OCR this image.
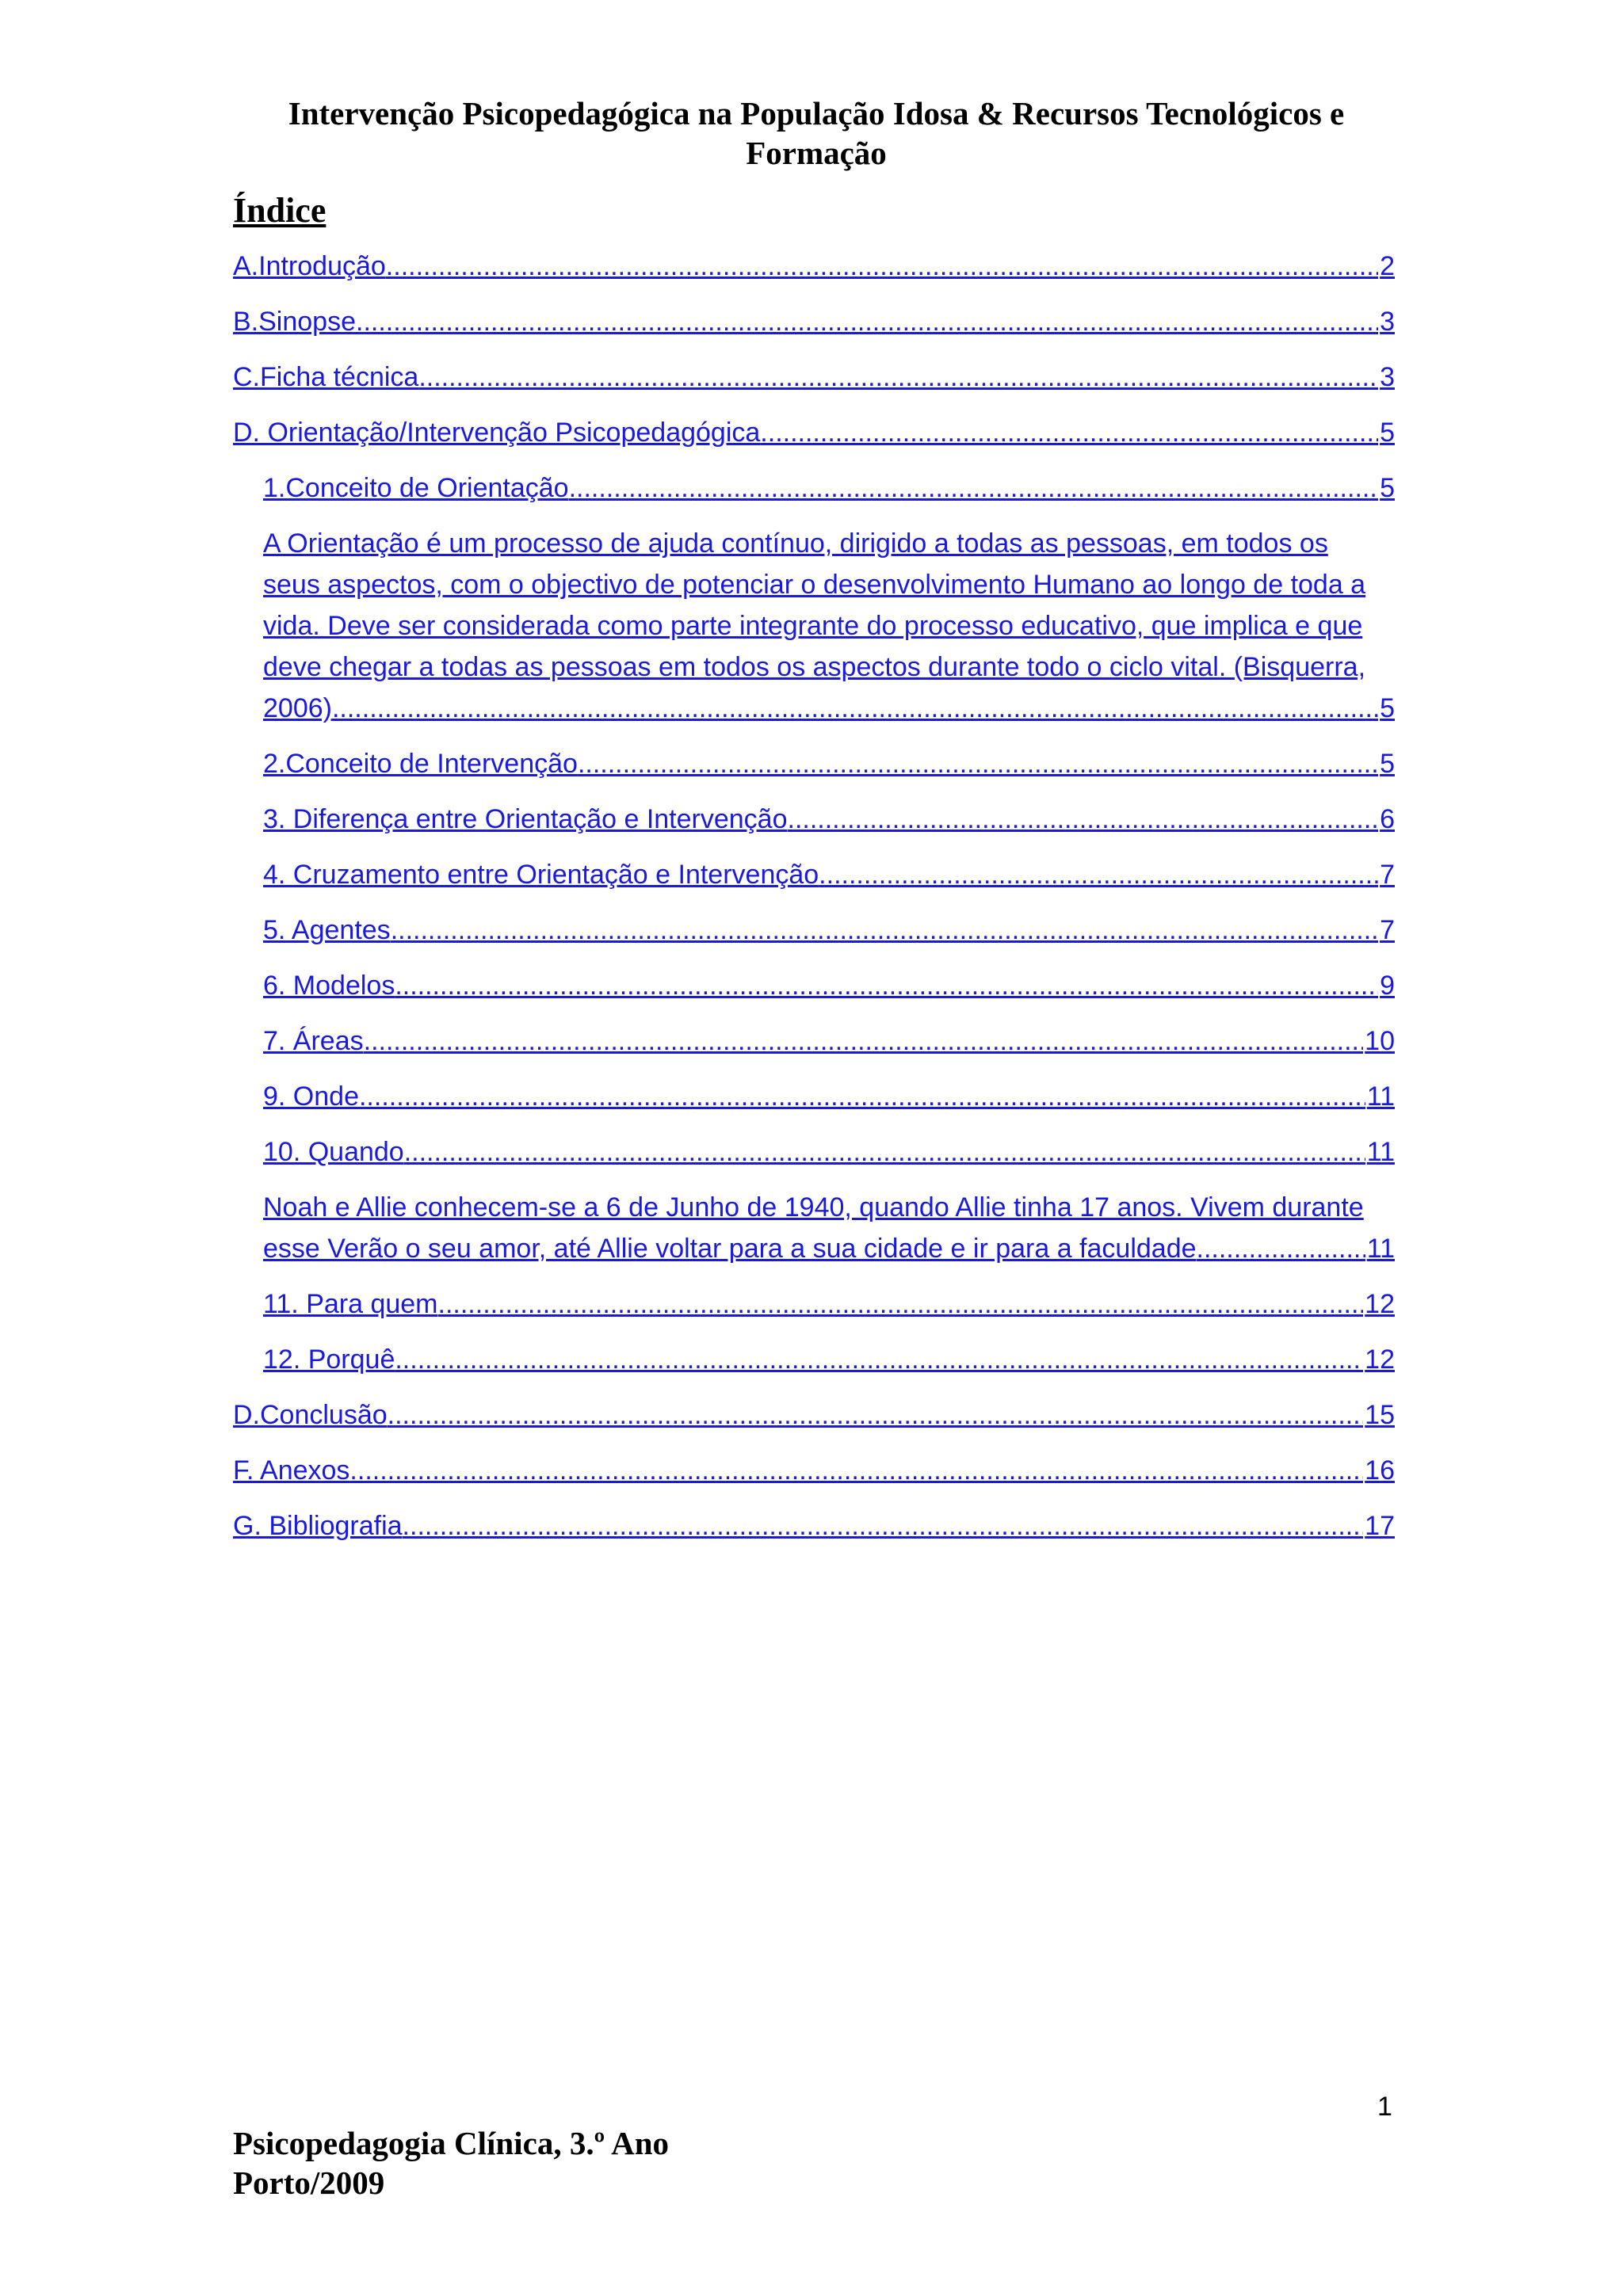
Intervenção Psicopedagógica na População Idosa & Recursos Tecnológicos e Formação
Índice
A.Introdução .....	2
B.Sinopse .....	3
C.Ficha técnica .....	3
D. Orientação/Intervenção Psicopedagógica .....	5
1.Conceito de Orientação .....	5
A Orientação é um processo de ajuda contínuo, dirigido a todas as pessoas, em todos os
seus aspectos, com o objectivo de potenciar o desenvolvimento Humano ao longo de toda a
vida. Deve ser considerada como parte integrante do processo educativo, que implica e que
deve chegar a todas as pessoas em todos os aspectos durante todo o ciclo vital. (Bisquerra,
2006) .....	5
2.Conceito de Intervenção .....	5
3. Diferença entre Orientação e Intervenção .....	6
4. Cruzamento entre Orientação e Intervenção .....	7
5. Agentes .....	7
6. Modelos .....	9
7. Áreas .....	10
9. Onde .....	11
10. Quando .....	11
Noah e Allie conhecem-se a 6 de Junho de 1940, quando Allie tinha 17 anos. Vivem durante
esse Verão o seu amor, até Allie voltar para a sua cidade e ir para a faculdade .....	11
11. Para quem .....	12
12. Porquê .....	12
D.Conclusão .....	15
F. Anexos .....	16
G. Bibliografia .....	17
1
Psicopedagogia Clínica, 3.º Ano
Porto/2009
